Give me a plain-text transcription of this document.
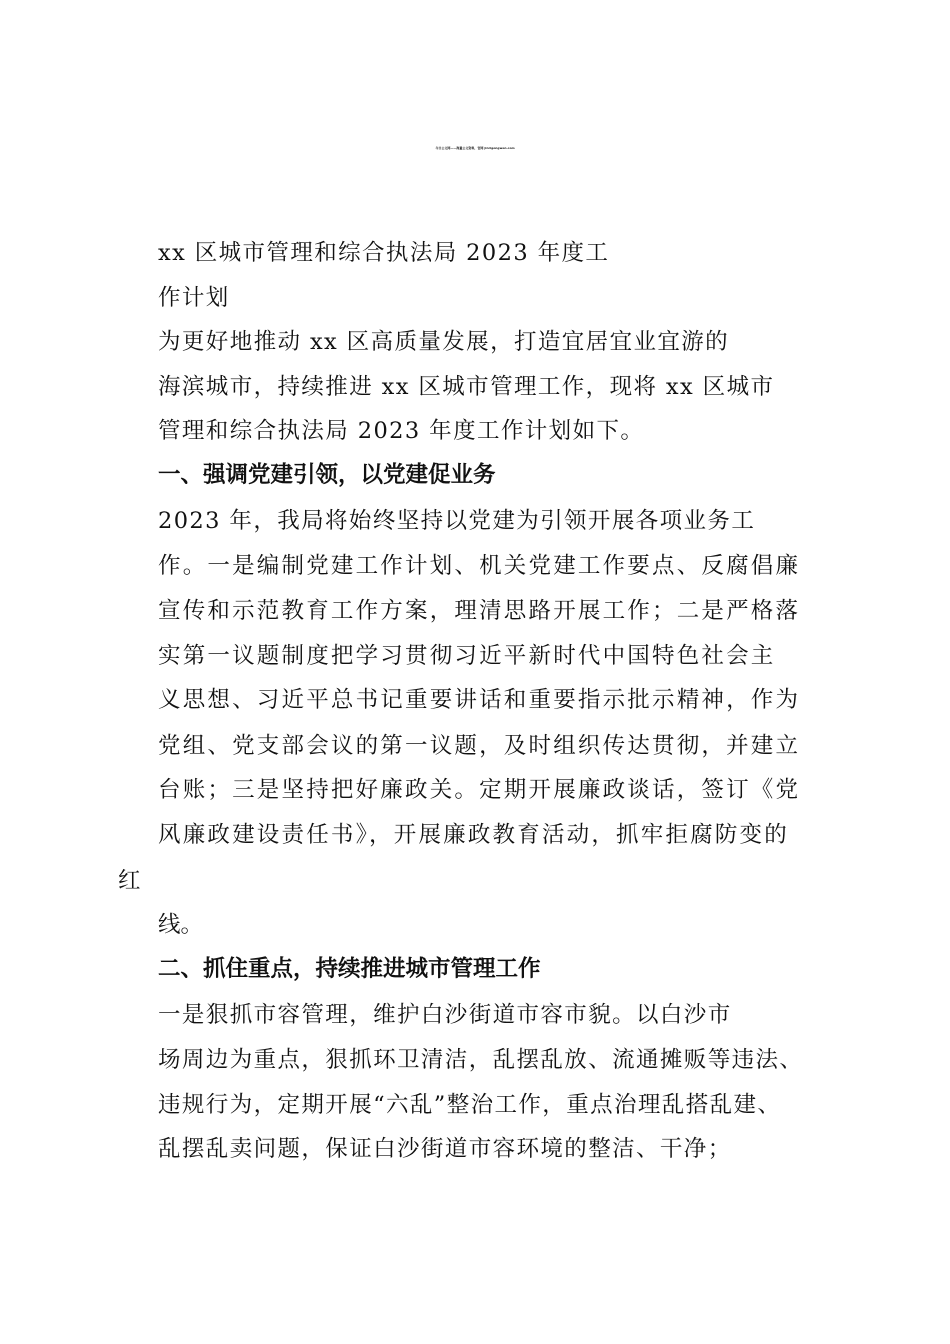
今日公文网——海量公文资料，官网 jinrigongwen.com
xx 区城市管理和综合执法局 2023 年度工
作计划
为更好地推动 xx 区高质量发展，打造宜居宜业宜游的
海滨城市，持续推进 xx 区城市管理工作，现将 xx 区城市
管理和综合执法局 2023 年度工作计划如下。
一、强调党建引领，以党建促业务
2023 年，我局将始终坚持以党建为引领开展各项业务工
作。一是编制党建工作计划、机关党建工作要点、反腐倡廉
宣传和示范教育工作方案，理清思路开展工作；二是严格落
实第一议题制度把学习贯彻习近平新时代中国特色社会主
义思想、习近平总书记重要讲话和重要指示批示精神，作为
党组、党支部会议的第一议题，及时组织传达贯彻，并建立
台账；三是坚持把好廉政关。定期开展廉政谈话，签订《党
风廉政建设责任书》，开展廉政教育活动，抓牢拒腐防变的
红
线。
二、抓住重点，持续推进城市管理工作
一是狠抓市容管理，维护白沙街道市容市貌。以白沙市
场周边为重点，狠抓环卫清洁，乱摆乱放、流通摊贩等违法、
违规行为，定期开展“六乱”整治工作，重点治理乱搭乱建、
乱摆乱卖问题，保证白沙街道市容环境的整洁、干净；
